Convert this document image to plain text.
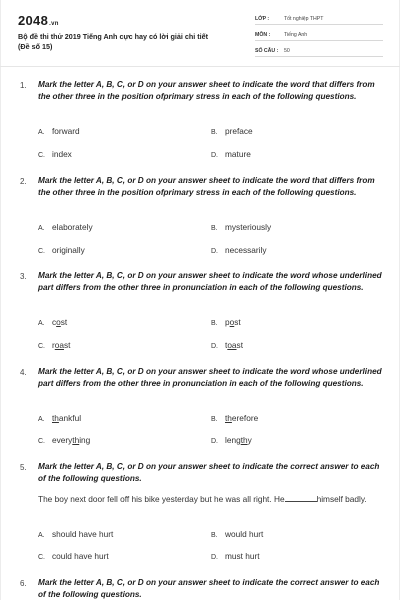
2048.vn
Bộ đề thi thử 2019 Tiếng Anh cực hay có lời giải chi tiết
(Đề số 15)
LỚP :	Tốt nghiệp THPT
MÔN :	Tiếng Anh
SỐ CÂU : 50
1. Mark the letter A, B, C, or D on your answer sheet to indicate the word that differs from the other three in the position ofprimary stress in each of the following questions.
A. forward	B. preface
C. index	D. mature
2. Mark the letter A, B, C, or D on your answer sheet to indicate the word that differs from the other three in the position ofprimary stress in each of the following questions.
A. elaborately	B. mysteriously
C. originally	D. necessarily
3. Mark the letter A, B, C, or D on your answer sheet to indicate the word whose underlined part differs from the other three in pronunciation in each of the following questions.
A. cost	B. post
C. roast	D. toast
4. Mark the letter A, B, C, or D on your answer sheet to indicate the word whose underlined part differs from the other three in pronunciation in each of the following questions.
A. thankful	B. therefore
C. everything	D. lengthy
5. Mark the letter A, B, C, or D on your answer sheet to indicate the correct answer to each of the following questions.
The boy next door fell off his bike yesterday but he was all right. He	himself badly.
A. should have hurt	B. would hurt
C. could have hurt	D. must hurt
6. Mark the letter A, B, C, or D on your answer sheet to indicate the correct answer to each of the following questions.
